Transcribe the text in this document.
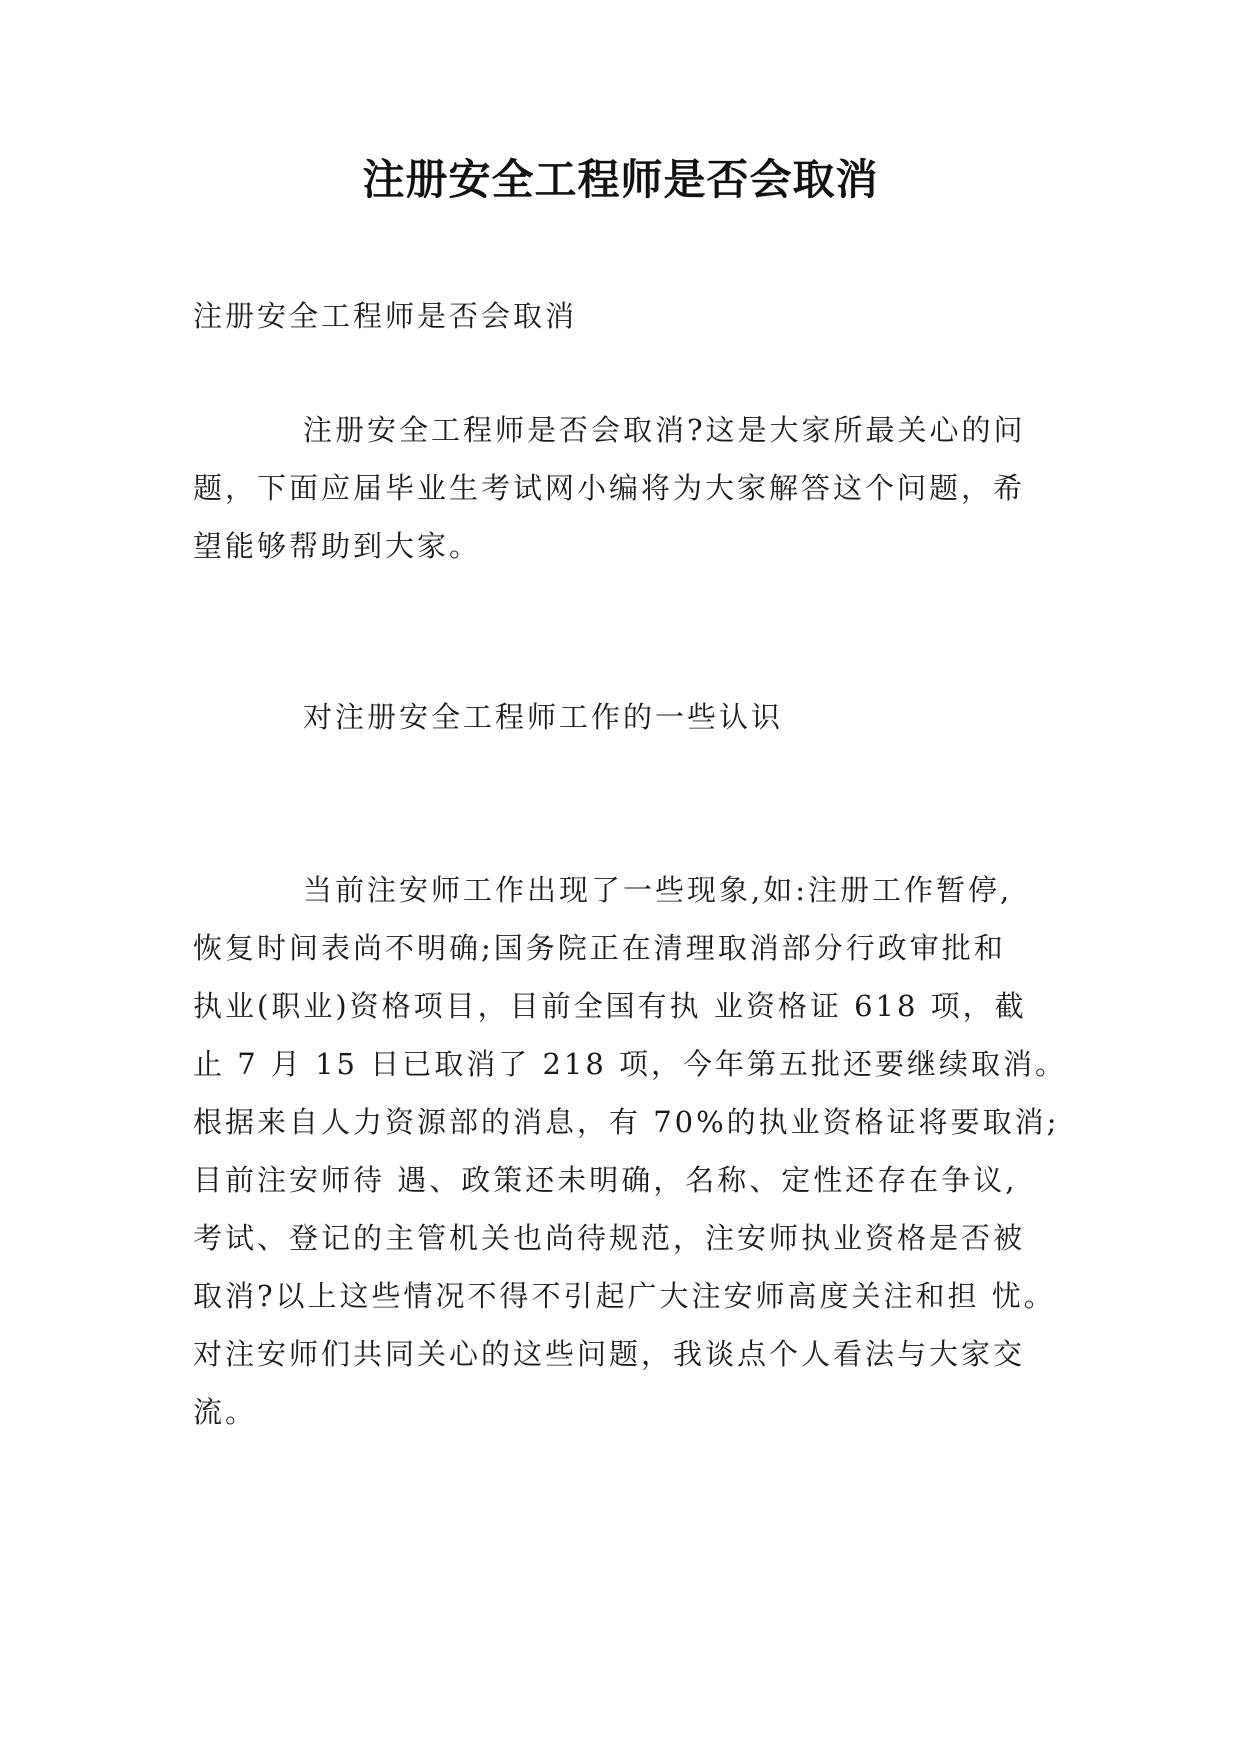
注册安全工程师是否会取消
注册安全工程师是否会取消
注册安全工程师是否会取消?这是大家所最关心的问
题，下面应届毕业生考试网小编将为大家解答这个问题，希
望能够帮助到大家。
对注册安全工程师工作的一些认识
当前注安师工作出现了一些现象,如:注册工作暂停,
恢复时间表尚不明确;国务院正在清理取消部分行政审批和
执业(职业)资格项目，目前全国有执 业资格证 618 项，截
止 7 月 15 日已取消了 218 项，今年第五批还要继续取消。
根据来自人力资源部的消息，有 70%的执业资格证将要取消;
目前注安师待 遇、政策还未明确，名称、定性还存在争议,
考试、登记的主管机关也尚待规范，注安师执业资格是否被
取消?以上这些情况不得不引起广大注安师高度关注和担 忧。
对注安师们共同关心的这些问题，我谈点个人看法与大家交
流。
